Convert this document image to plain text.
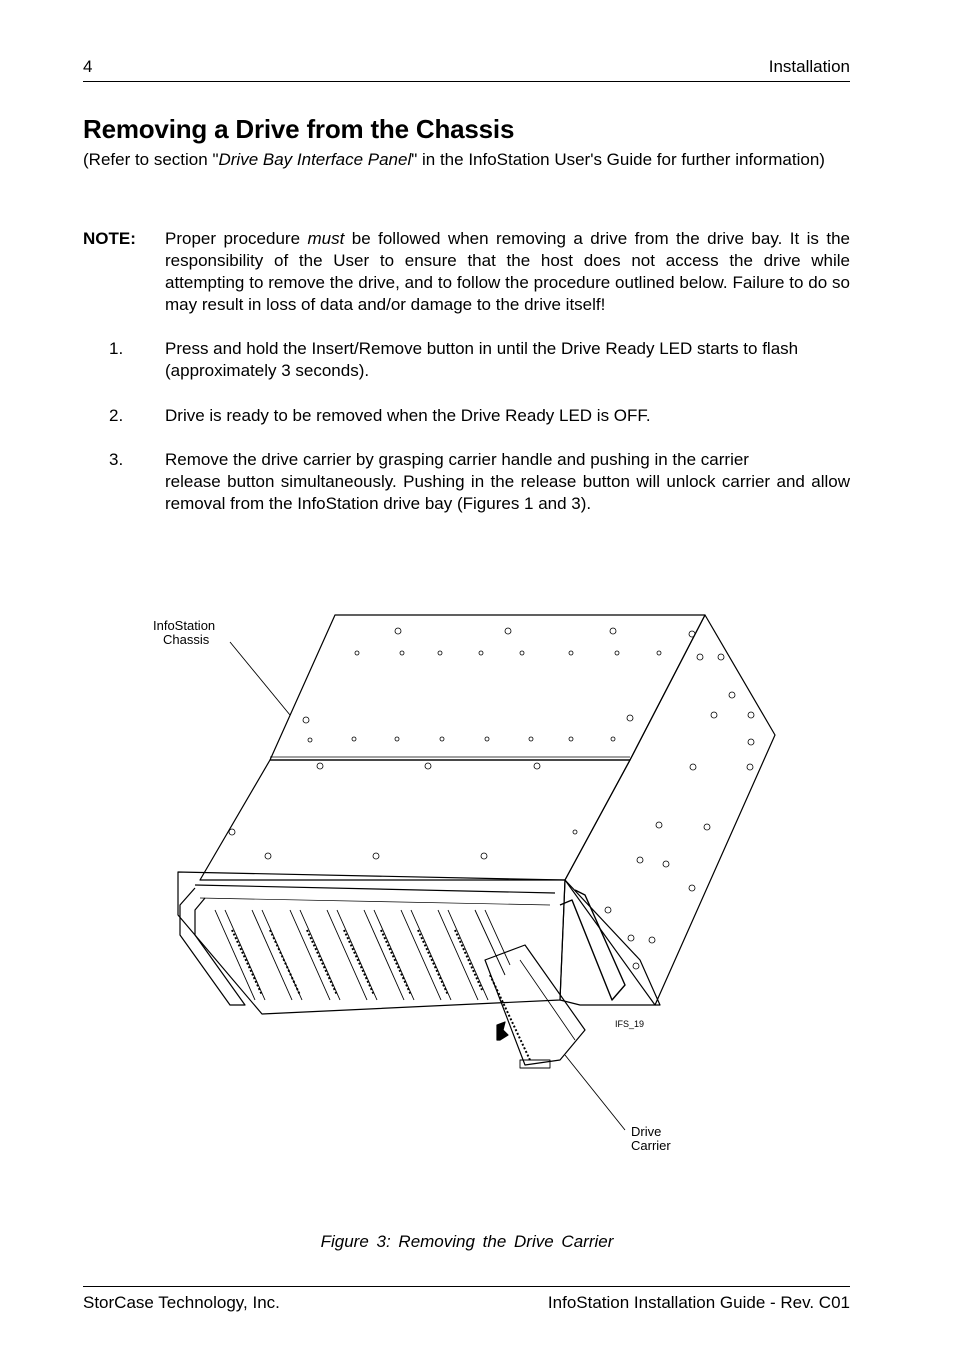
4	Installation
Removing a Drive from the Chassis
(Refer to section "Drive Bay Interface Panel" in the InfoStation User's Guide for further information)
NOTE: Proper procedure must be followed when removing a drive from the drive bay. It is the responsibility of the User to ensure that the host does not access the drive while attempting to remove the drive, and to follow the procedure outlined below. Failure to do so may result in loss of data and/or damage to the drive itself!
1. Press and hold the Insert/Remove button in until the Drive Ready LED starts to flash
(approximately 3 seconds).
2. Drive is ready to be removed when the Drive Ready LED is OFF.
3. Remove the drive carrier by grasping carrier handle and pushing in the carrier
release button simultaneously. Pushing in the release button will unlock carrier and allow removal from the InfoStation drive bay (Figures 1 and 3).
InfoStation
Chassis
Drive
Carrier
IFS_19
Figure 3: Removing the Drive Carrier
StorCase Technology, Inc.	InfoStation Installation Guide - Rev. C01
